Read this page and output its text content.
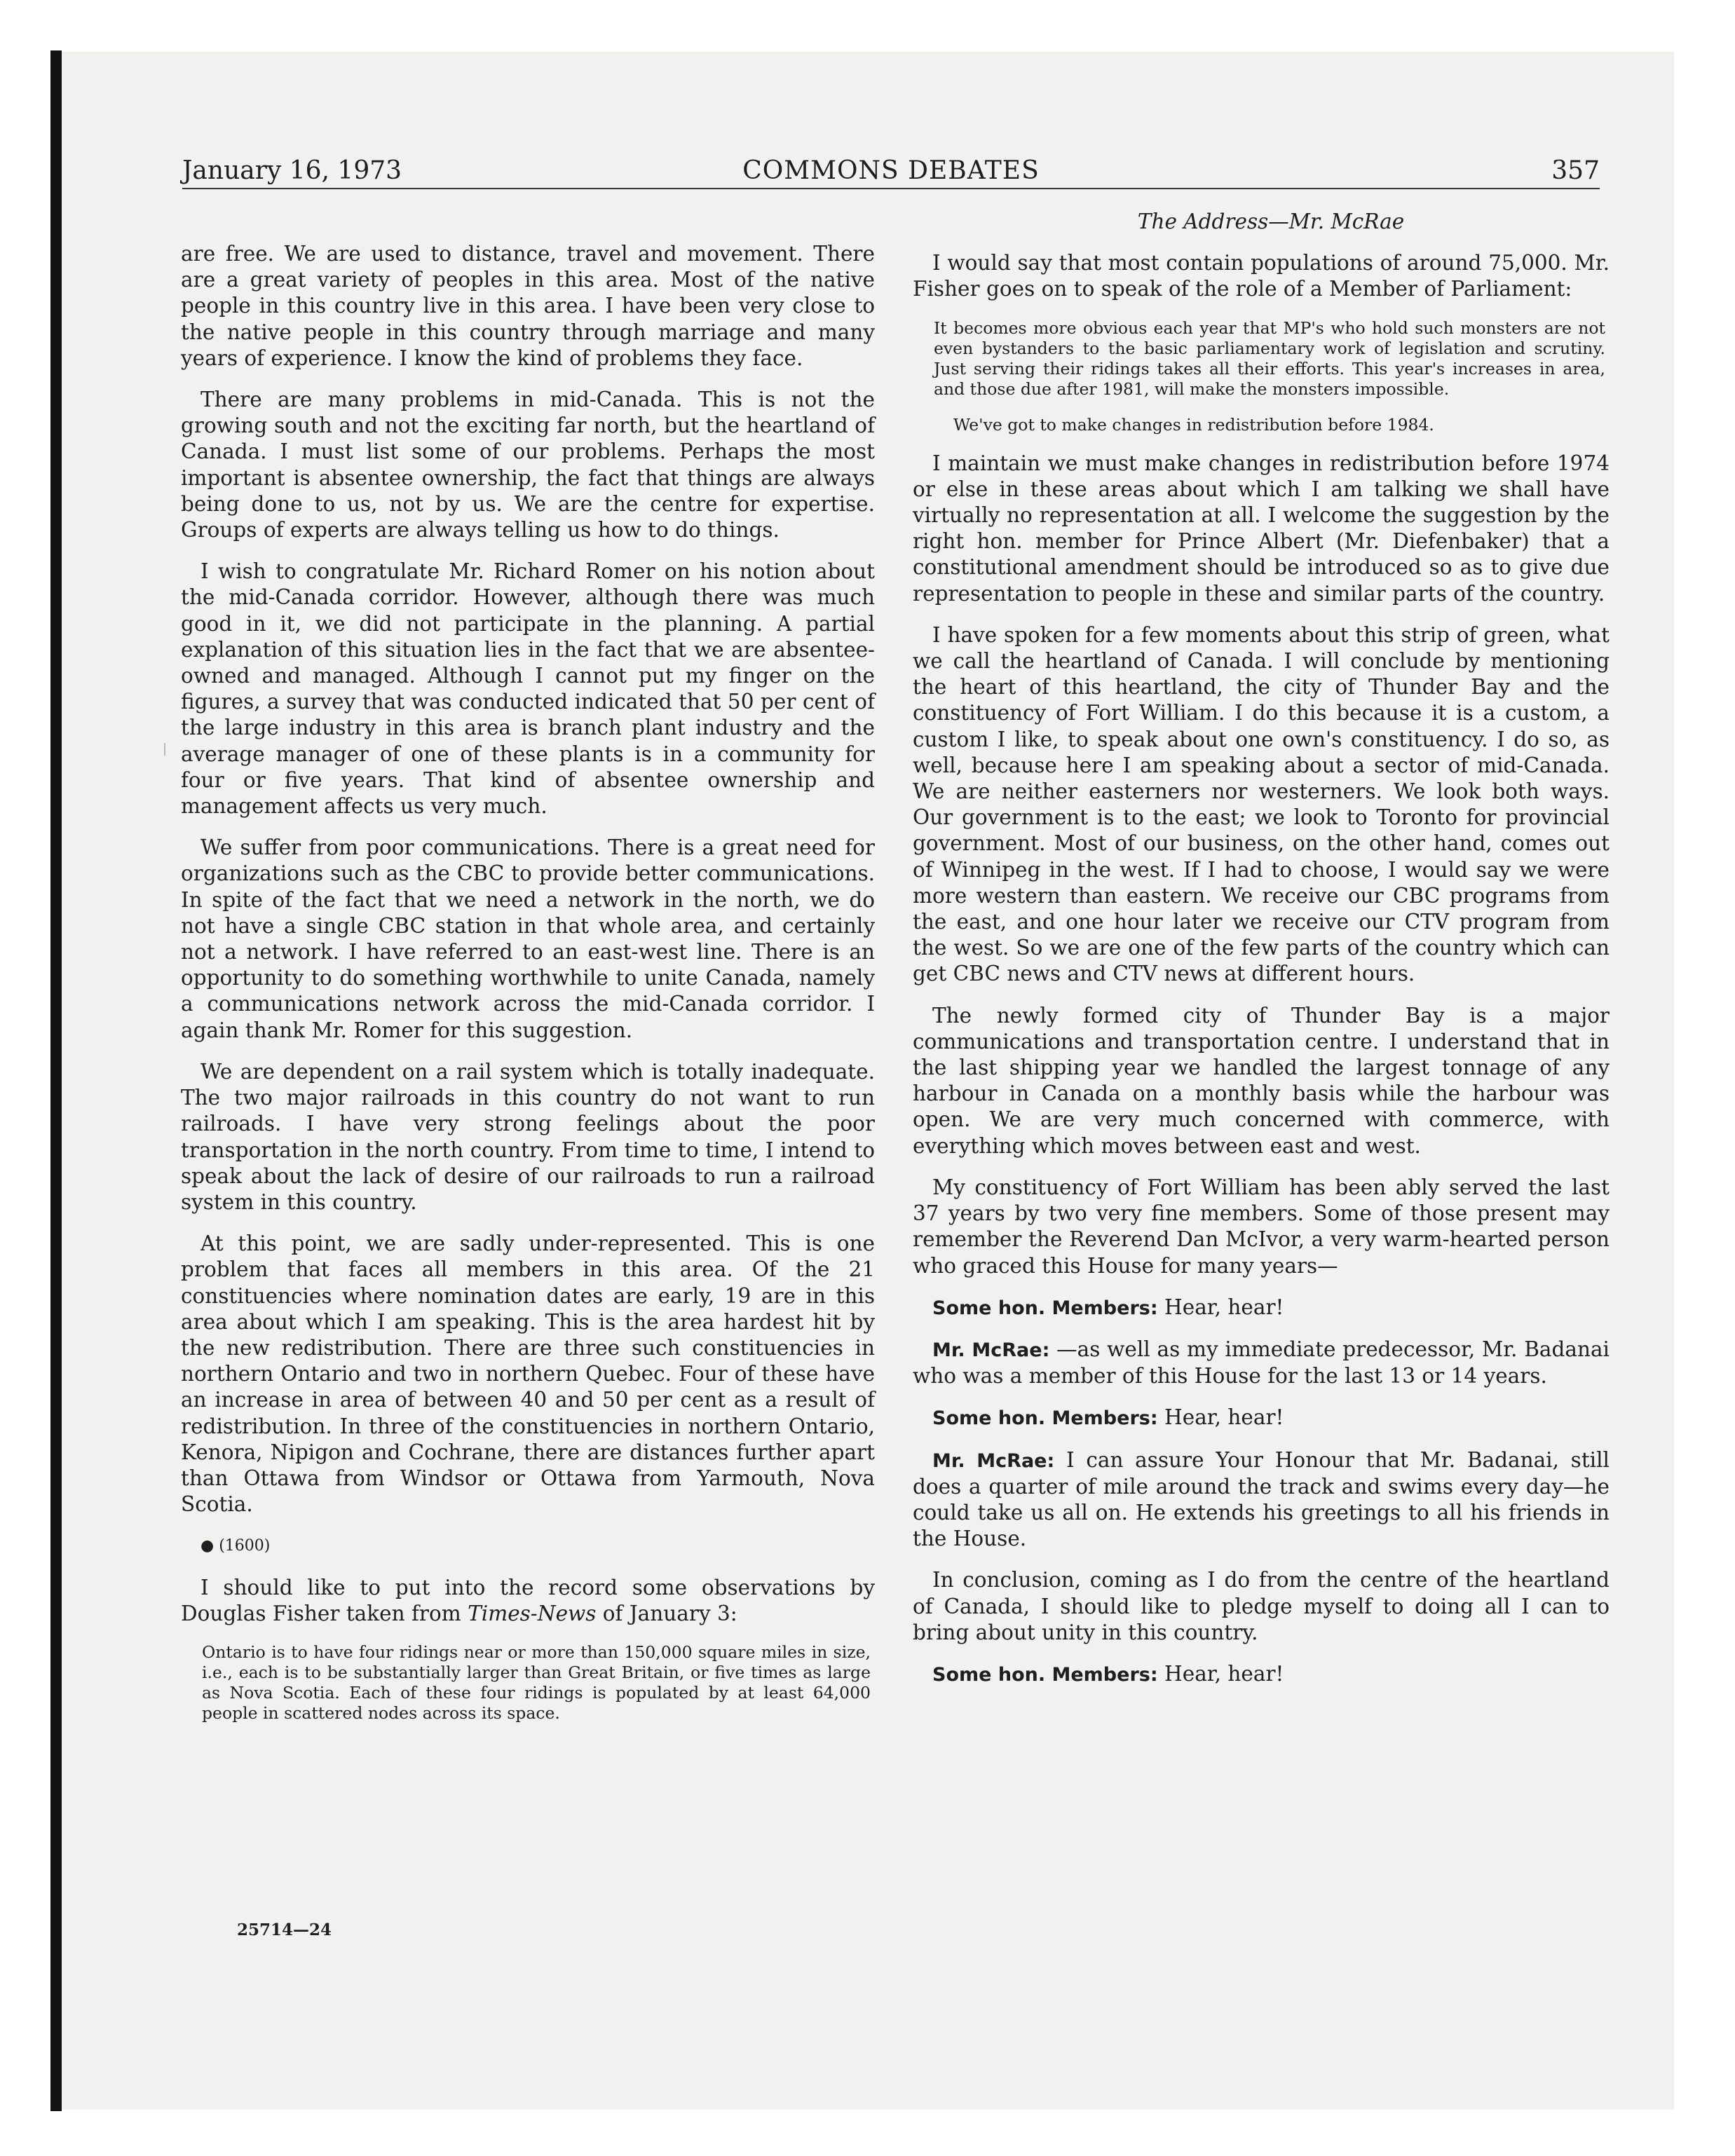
January 16, 1973	COMMONS DEBATES	357

are free. We are used to distance, travel and movement. There are a great variety of peoples in this area. Most of the native people in this country live in this area. I have been very close to the native people in this country through marriage and many years of experience. I know the kind of problems they face.

There are many problems in mid-Canada. This is not the growing south and not the exciting far north, but the heartland of Canada. I must list some of our problems. Perhaps the most important is absentee ownership, the fact that things are always being done to us, not by us. We are the centre for expertise. Groups of experts are always telling us how to do things.

I wish to congratulate Mr. Richard Romer on his notion about the mid-Canada corridor. However, although there was much good in it, we did not participate in the planning. A partial explanation of this situation lies in the fact that we are absentee-owned and managed. Although I cannot put my finger on the figures, a survey that was conducted indicated that 50 per cent of the large industry in this area is branch plant industry and the average manager of one of these plants is in a community for four or five years. That kind of absentee ownership and management affects us very much.

We suffer from poor communications. There is a great need for organizations such as the CBC to provide better communications. In spite of the fact that we need a network in the north, we do not have a single CBC station in that whole area, and certainly not a network. I have referred to an east-west line. There is an opportunity to do something worthwhile to unite Canada, namely a communications network across the mid-Canada corridor. I again thank Mr. Romer for this suggestion.

We are dependent on a rail system which is totally inadequate. The two major railroads in this country do not want to run railroads. I have very strong feelings about the poor transportation in the north country. From time to time, I intend to speak about the lack of desire of our railroads to run a railroad system in this country.

At this point, we are sadly under-represented. This is one problem that faces all members in this area. Of the 21 constituencies where nomination dates are early, 19 are in this area about which I am speaking. This is the area hardest hit by the new redistribution. There are three such constituencies in northern Ontario and two in northern Quebec. Four of these have an increase in area of between 40 and 50 per cent as a result of redistribution. In three of the constituencies in northern Ontario, Kenora, Nipigon and Cochrane, there are distances further apart than Ottawa from Windsor or Ottawa from Yarmouth, Nova Scotia.

● (1600)

I should like to put into the record some observations by Douglas Fisher taken from Times-News of January 3:

Ontario is to have four ridings near or more than 150,000 square miles in size, i.e., each is to be substantially larger than Great Britain, or five times as large as Nova Scotia. Each of these four ridings is populated by at least 64,000 people in scattered nodes across its space.

The Address—Mr. McRae

I would say that most contain populations of around 75,000. Mr. Fisher goes on to speak of the role of a Member of Parliament:

It becomes more obvious each year that MP's who hold such monsters are not even bystanders to the basic parliamentary work of legislation and scrutiny. Just serving their ridings takes all their efforts. This year's increases in area, and those due after 1981, will make the monsters impossible.

We've got to make changes in redistribution before 1984.

I maintain we must make changes in redistribution before 1974 or else in these areas about which I am talking we shall have virtually no representation at all. I welcome the suggestion by the right hon. member for Prince Albert (Mr. Diefenbaker) that a constitutional amendment should be introduced so as to give due representation to people in these and similar parts of the country.

I have spoken for a few moments about this strip of green, what we call the heartland of Canada. I will conclude by mentioning the heart of this heartland, the city of Thunder Bay and the constituency of Fort William. I do this because it is a custom, a custom I like, to speak about one own's constituency. I do so, as well, because here I am speaking about a sector of mid-Canada. We are neither easterners nor westerners. We look both ways. Our government is to the east; we look to Toronto for provincial government. Most of our business, on the other hand, comes out of Winnipeg in the west. If I had to choose, I would say we were more western than eastern. We receive our CBC programs from the east, and one hour later we receive our CTV program from the west. So we are one of the few parts of the country which can get CBC news and CTV news at different hours.

The newly formed city of Thunder Bay is a major communications and transportation centre. I understand that in the last shipping year we handled the largest tonnage of any harbour in Canada on a monthly basis while the harbour was open. We are very much concerned with commerce, with everything which moves between east and west.

My constituency of Fort William has been ably served the last 37 years by two very fine members. Some of those present may remember the Reverend Dan McIvor, a very warm-hearted person who graced this House for many years—

Some hon. Members: Hear, hear!

Mr. McRae: —as well as my immediate predecessor, Mr. Badanai who was a member of this House for the last 13 or 14 years.

Some hon. Members: Hear, hear!

Mr. McRae: I can assure Your Honour that Mr. Badanai, still does a quarter of mile around the track and swims every day—he could take us all on. He extends his greetings to all his friends in the House.

In conclusion, coming as I do from the centre of the heartland of Canada, I should like to pledge myself to doing all I can to bring about unity in this country.

Some hon. Members: Hear, hear!

25714—24
